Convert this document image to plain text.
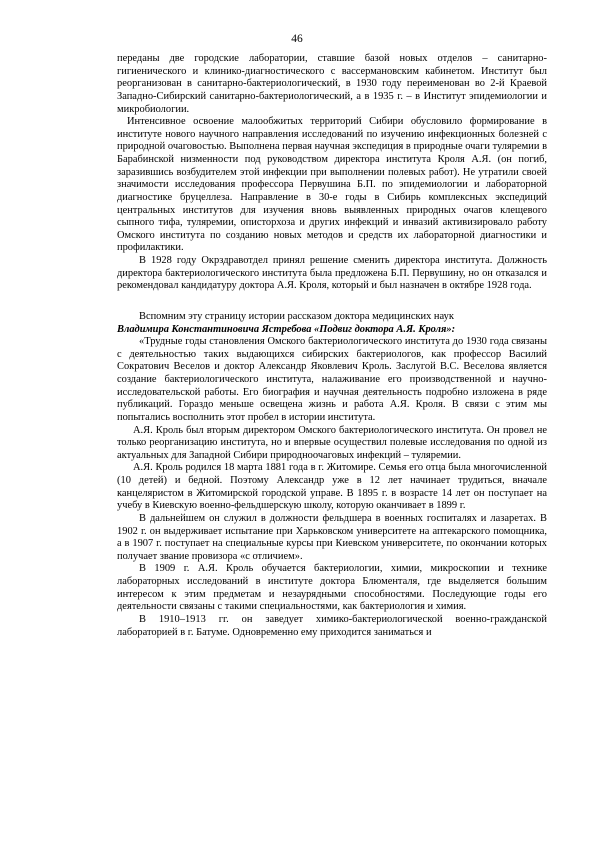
46

переданы две городские лаборатории, ставшие базой новых отделов – санитарно-гигиенического и клинико-диагностического с вассермановским кабинетом. Институт был реорганизован в санитарно-бактериологический, в 1930 году переименован во 2-й Краевой Западно-Сибирский санитарно-бактериологический, а в 1935 г. – в Институт эпидемиологии и микробиологии.

Интенсивное освоение малообжитых территорий Сибири обусловило формирование в институте нового научного направления исследований по изучению инфекционных болезней с природной очаговостью. Выполнена первая научная экспедиция в природные очаги туляремии в Барабинской низменности под руководством директора института Кроля А.Я. (он погиб, заразившись возбудителем этой инфекции при выполнении полевых работ). Не утратили своей значимости исследования профессора Первушина Б.П. по эпидемиологии и лабораторной диагностике бруцеллеза. Направление в 30-е годы в Сибирь комплексных экспедиций центральных институтов для изучения вновь выявленных природных очагов клещевого сыпного тифа, туляремии, описторхоза и других инфекций и инвазий активизировало работу Омского института по созданию новых методов и средств их лабораторной диагностики и профилактики.

В 1928 году Окрздравотдел принял решение сменить директора института. Должность директора бактериологического института была предложена Б.П. Первушину, но он отказался и рекомендовал кандидатуру доктора А.Я. Кроля, который и был назначен в октябре 1928 года.

Вспомним эту страницу истории рассказом доктора медицинских наук

Владимира Константиновича Ястребова «Подвиг доктора А.Я. Кроля»:

«Трудные годы становления Омского бактериологического института до 1930 года связаны с деятельностью таких выдающихся сибирских бактериологов, как профессор Василий Сократович Веселов и доктор Александр Яковлевич Кроль. Заслугой В.С. Веселова является создание бактериологического института, налаживание его производственной и научно-исследовательской работы. Его биография и научная деятельность подробно изложена в ряде публикаций. Гораздо меньше освещена жизнь и работа А.Я. Кроля. В связи с этим мы попытались восполнить этот пробел в истории института.

А.Я. Кроль был вторым директором Омского бактериологического института. Он провел не только реорганизацию института, но и впервые осуществил полевые исследования по одной из актуальных для Западной Сибири природноочаговых инфекций – туляремии.

А.Я. Кроль родился 18 марта 1881 года в г. Житомире. Семья его отца была многочисленной (10 детей) и бедной. Поэтому Александр уже в 12 лет начинает трудиться, вначале канцеляристом в Житомирской городской управе. В 1895 г. в возрасте 14 лет он поступает на учебу в Киевскую военно-фельдшерскую школу, которую оканчивает в 1899 г.

В дальнейшем он служил в должности фельдшера в военных госпиталях и лазаретах. В 1902 г. он выдерживает испытание при Харьковском университете на аптекарского помощника, а в 1907 г. поступает на специальные курсы при Киевском университете, по окончании которых получает звание провизора «с отличием».

В 1909 г. А.Я. Кроль обучается бактериологии, химии, микроскопии и технике лабораторных исследований в институте доктора Блюменталя, где выделяется большим интересом к этим предметам и незаурядными способностями. Последующие годы его деятельности связаны с такими специальностями, как бактериология и химия.

В 1910–1913 гг. он заведует химико-бактериологической военно-гражданской лабораторией в г. Батуме. Одновременно ему приходится заниматься и
